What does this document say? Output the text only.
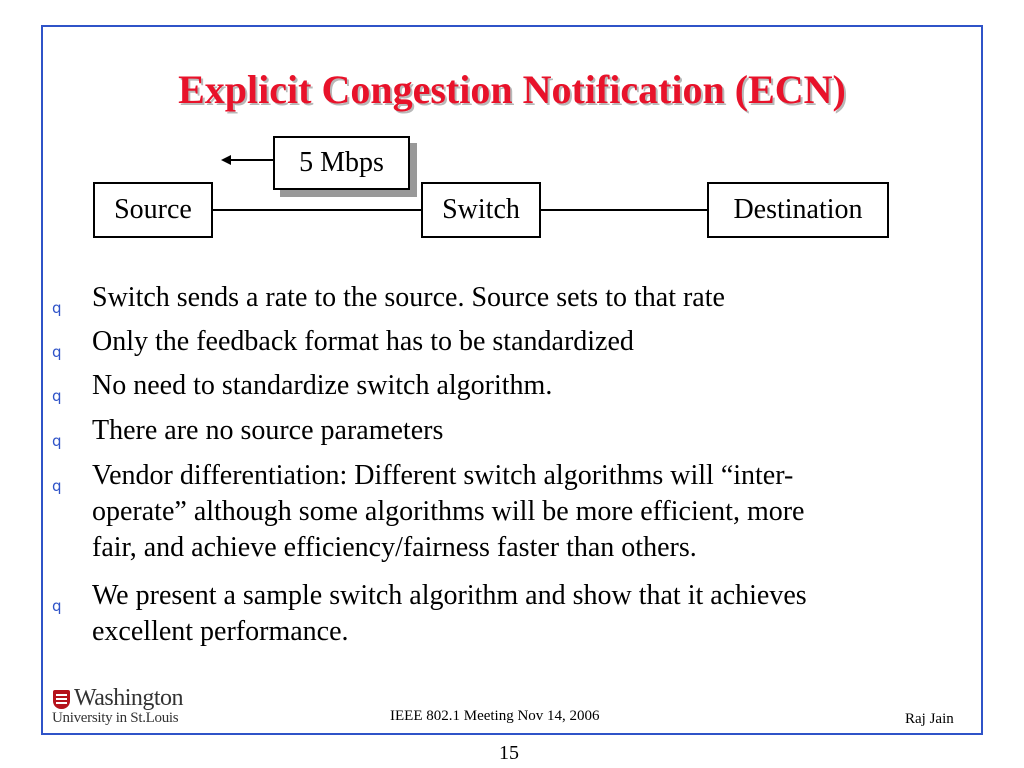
Explicit Congestion Notification (ECN)
5 Mbps
Source	Switch	Destination
q Switch sends a rate to the source. Source sets to that rate
q Only the feedback format has to be standardized
q No need to standardize switch algorithm.
q There are no source parameters
q Vendor differentiation: Different switch algorithms will “inter-
operate” although some algorithms will be more efficient, more
fair, and achieve efficiency/fairness faster than others.
q We present a sample switch algorithm and show that it achieves
excellent performance.
Washington
University in St.Louis	IEEE 802.1 Meeting Nov 14, 2006	Raj Jain
15
